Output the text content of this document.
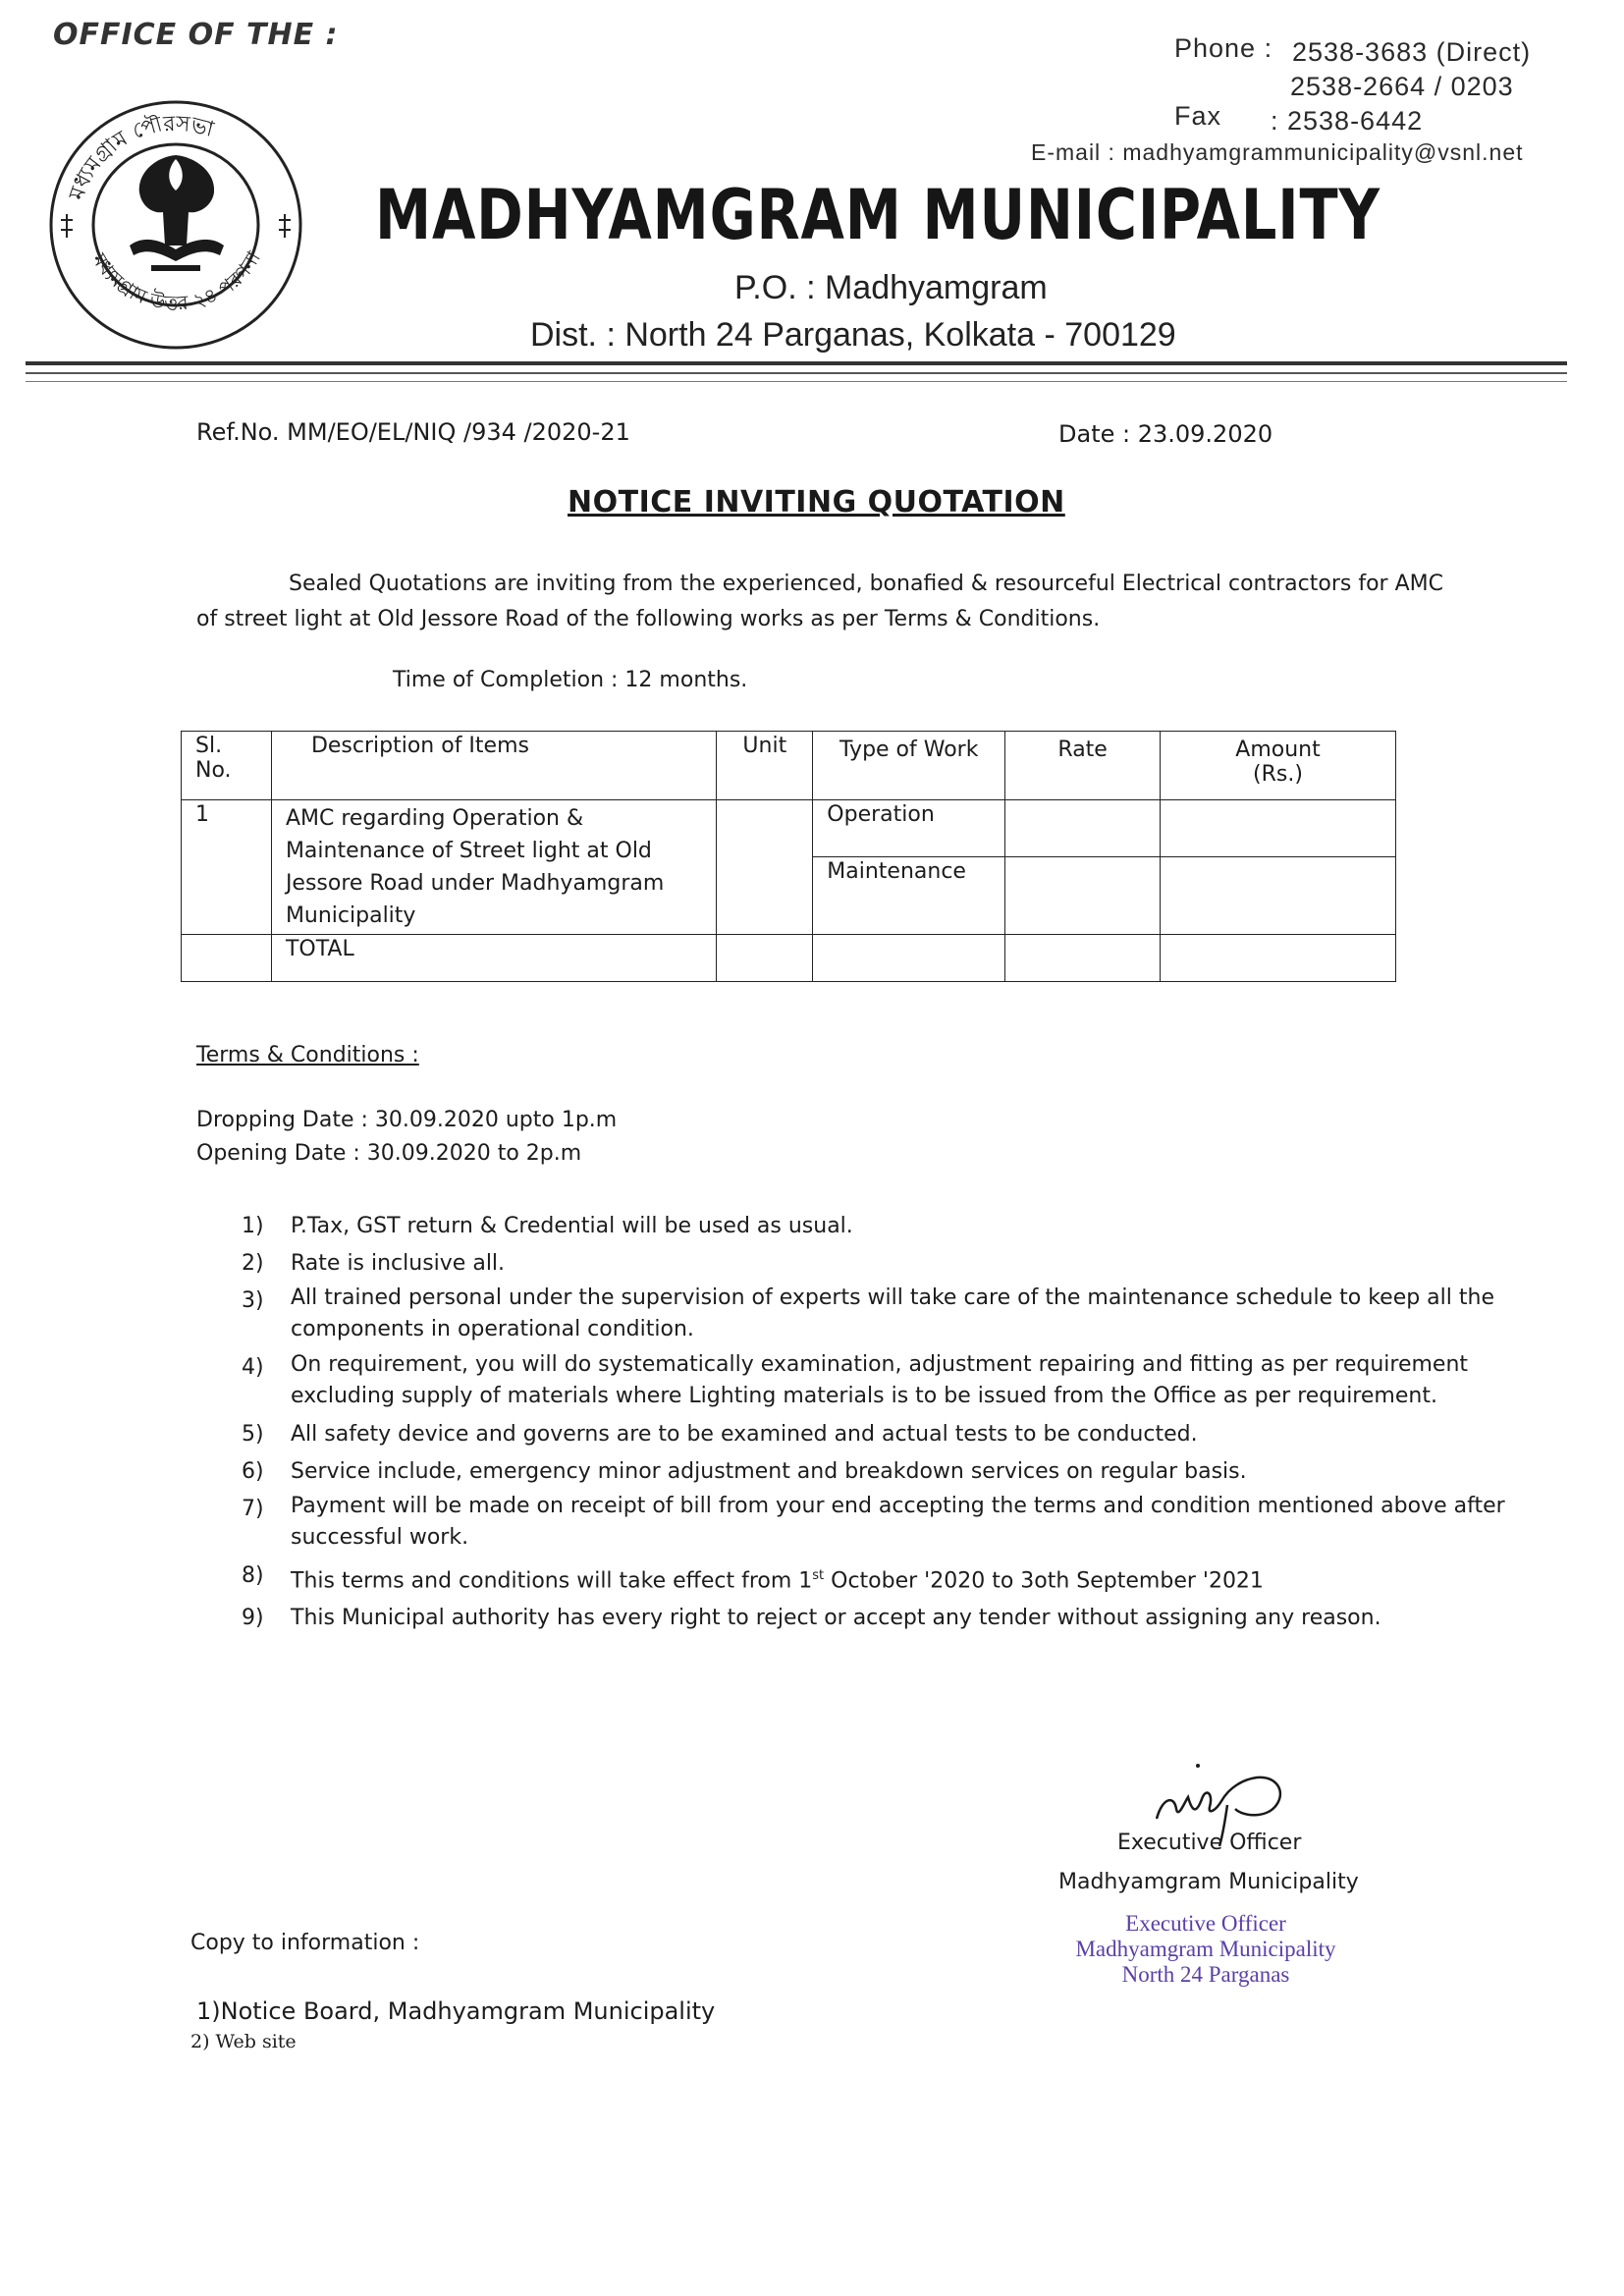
OFFICE OF THE :	Phone : 2538-3683 (Direct)
2538-2664 / 0203
Fax : 2538-6442
E-mail : madhyamgrammunicipality@vsnl.net
মধ্যমগ্রাম পৌরসভা
মধ্যমগ্রাম উত্তর ২৪ পরগনা
MADHYAMGRAM MUNICIPALITY
P.O. : Madhyamgram
Dist. : North 24 Parganas, Kolkata - 700129
Ref.No. MM/EO/EL/NIQ /934 /2020-21	Date : 23.09.2020
NOTICE INVITING QUOTATION
Sealed Quotations are inviting from the experienced, bonafied & resourceful Electrical contractors for AMC
of street light at Old Jessore Road of the following works as per Terms & Conditions.
Time of Completion : 12 months.
Sl. No.	Description of Items	Unit	Type of Work	Rate	Amount (Rs.)
1	AMC regarding Operation & Maintenance of Street light at Old Jessore Road under Madhyamgram Municipality		Operation		
			Maintenance		
	TOTAL				
Terms & Conditions :
Dropping Date : 30.09.2020 upto 1p.m
Opening Date : 30.09.2020 to 2p.m
1)	P.Tax, GST return & Credential will be used as usual.
2)	Rate is inclusive all.
3)	All trained personal under the supervision of experts will take care of the maintenance schedule to keep all the components in operational condition.
4)	On requirement, you will do systematically examination, adjustment repairing and fitting as per requirement excluding supply of materials where Lighting materials is to be issued from the Office as per requirement.
5)	All safety device and governs are to be examined and actual tests to be conducted.
6)	Service include, emergency minor adjustment and breakdown services on regular basis.
7)	Payment will be made on receipt of bill from your end accepting the terms and condition mentioned above after successful work.
8)	This terms and conditions will take effect from 1st October '2020 to 3oth September '2021
9)	This Municipal authority has every right to reject or accept any tender without assigning any reason.
Executive Officer
Madhyamgram Municipality
Executive Officer
Madhyamgram Municipality
North 24 Parganas
Copy to information :
1)Notice Board, Madhyamgram Municipality
2) Web site
